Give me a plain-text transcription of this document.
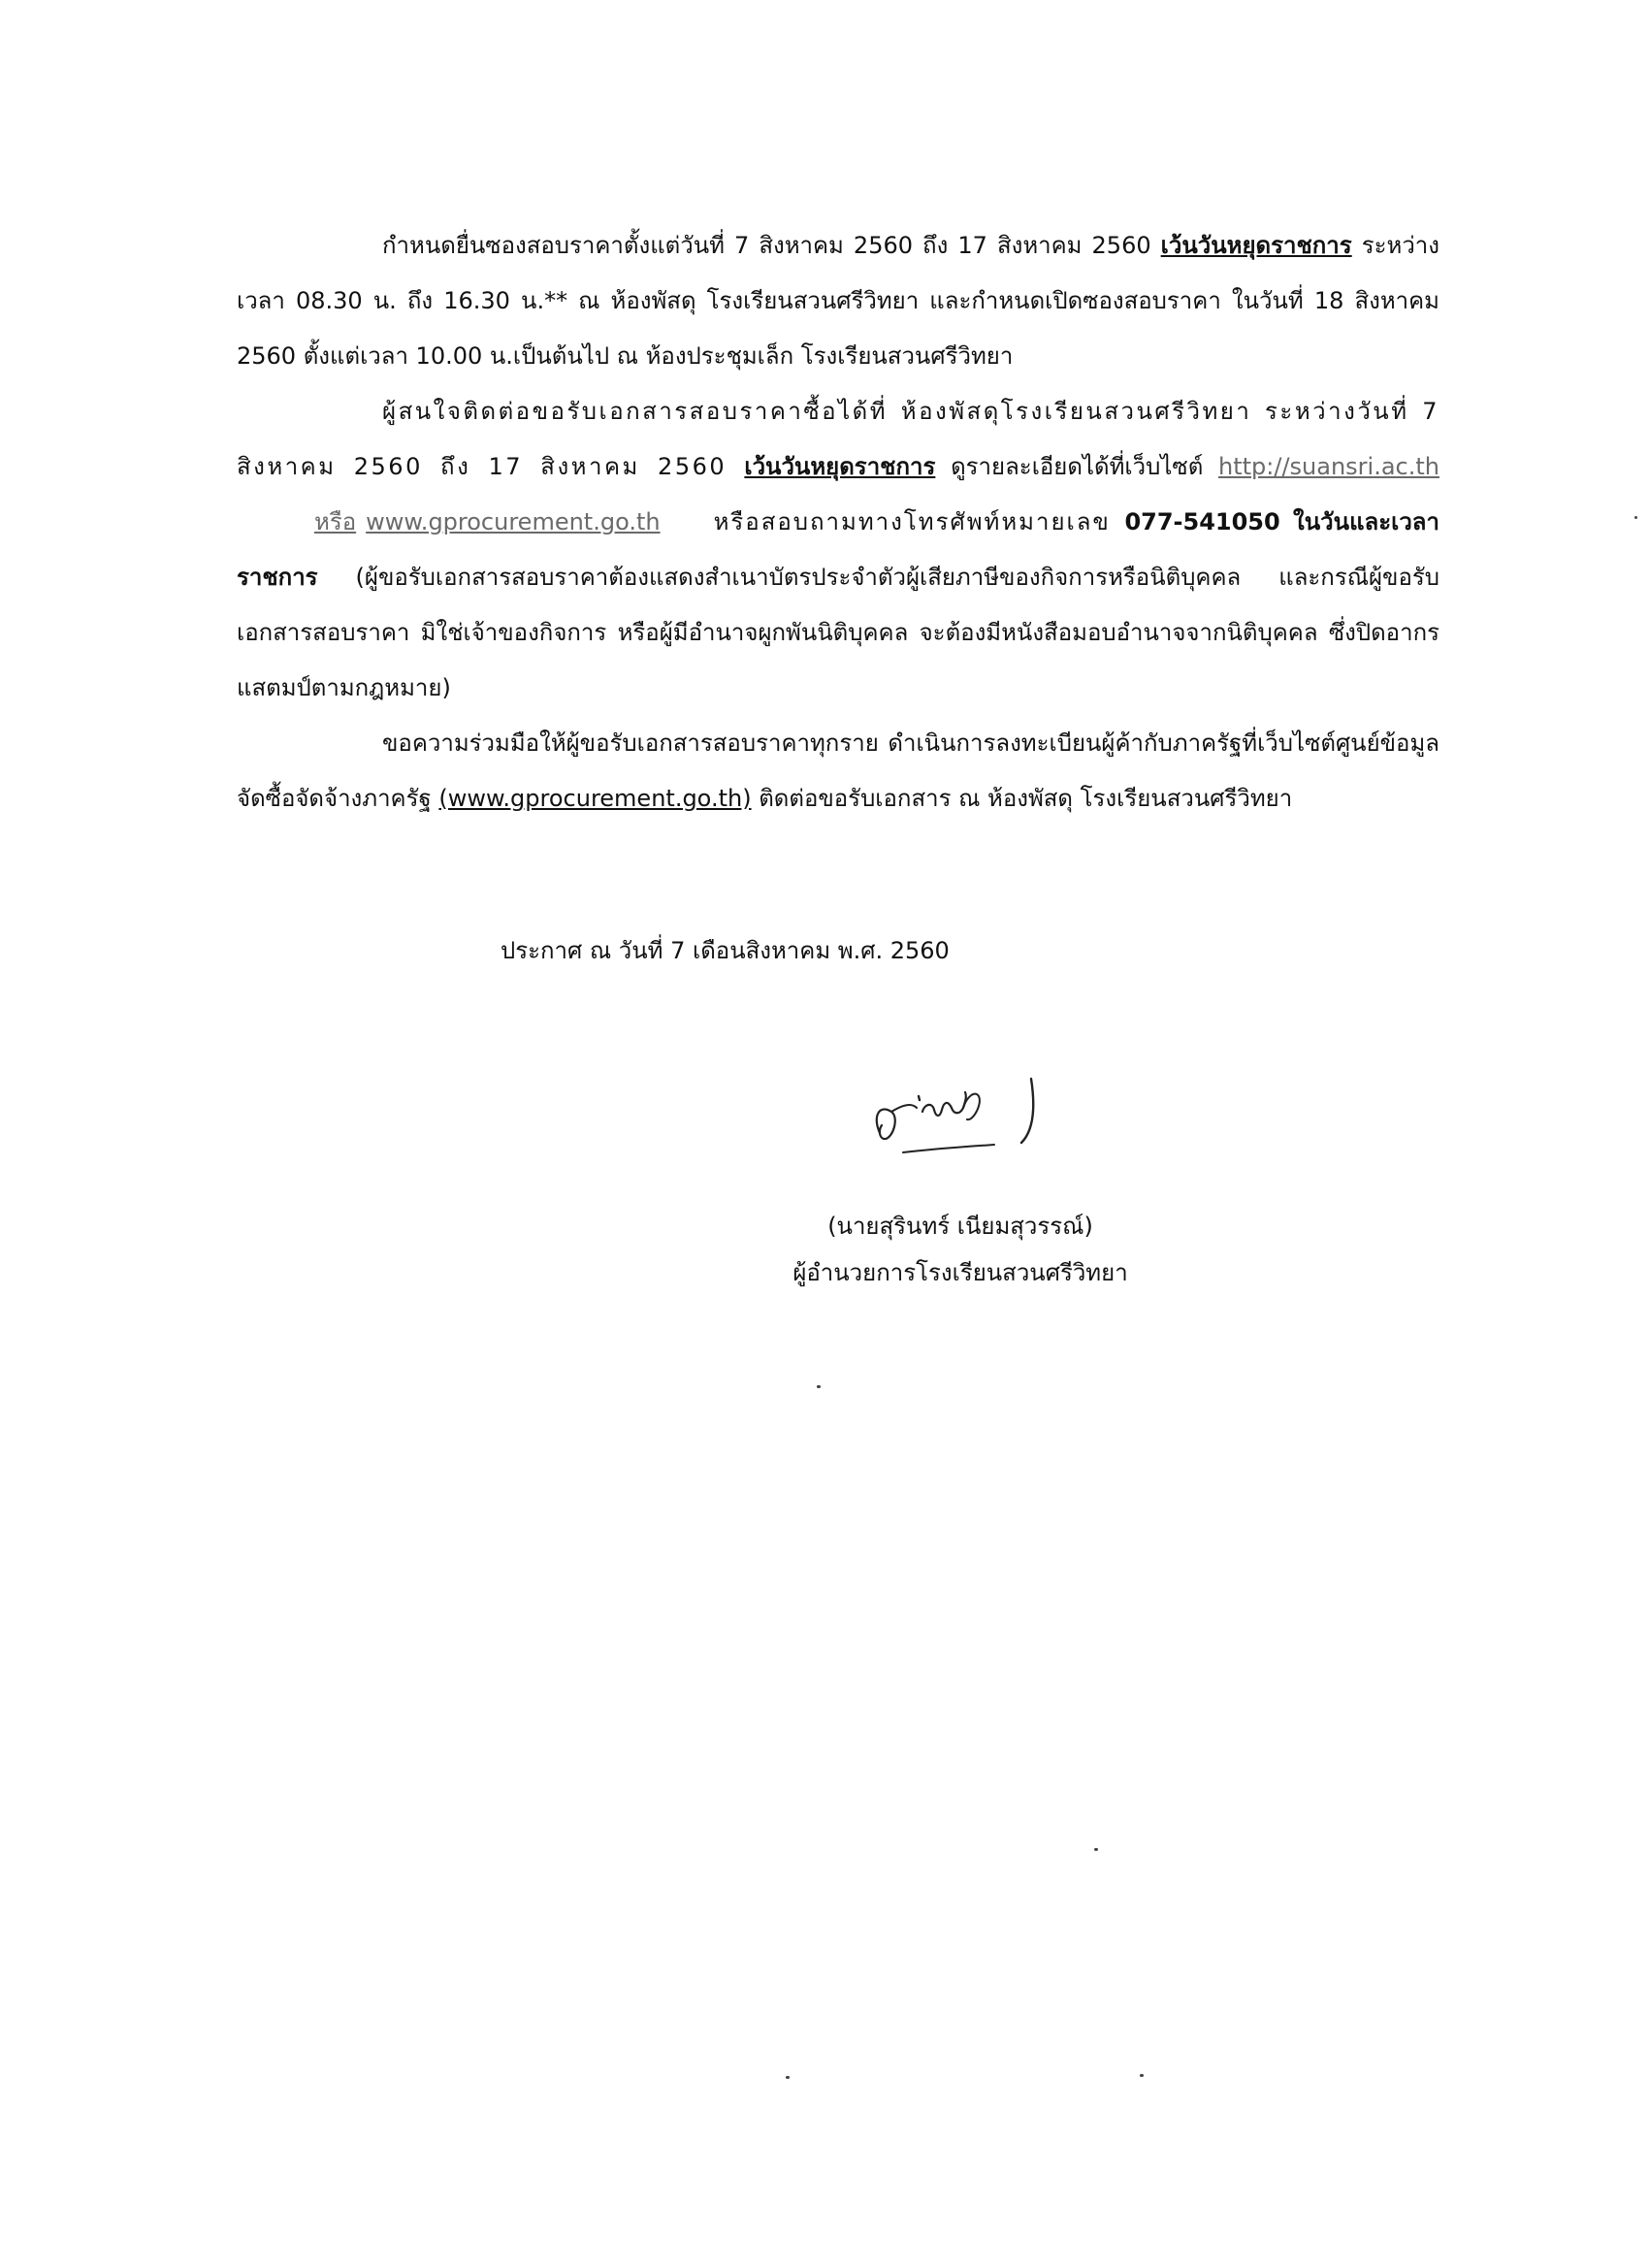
กำหนดยื่นซองสอบราคาตั้งแต่วันที่ 7 สิงหาคม 2560 ถึง 17 สิงหาคม 2560 เว้นวันหยุดราชการ ระหว่างเวลา 08.30 น. ถึง 16.30 น.** ณ ห้องพัสดุ โรงเรียนสวนศรีวิทยา และกำหนดเปิดซองสอบราคา ในวันที่ 18 สิงหาคม 2560 ตั้งแต่เวลา 10.00 น.เป็นต้นไป ณ ห้องประชุมเล็ก โรงเรียนสวนศรีวิทยา

ผู้สนใจติดต่อขอรับเอกสารสอบราคาซื้อได้ที่ ห้องพัสดุโรงเรียนสวนศรีวิทยา ระหว่างวันที่ 7 สิงหาคม 2560 ถึง 17 สิงหาคม 2560 เว้นวันหยุดราชการ ดูรายละเอียดได้ที่เว็บไซต์ http://suansri.ac.thหรือ www.gprocurement.go.th หรือสอบถามทางโทรศัพท์หมายเลข 077-541050 ในวันและเวลาราชการ (ผู้ขอรับเอกสารสอบราคาต้องแสดงสำเนาบัตรประจำตัวผู้เสียภาษีของกิจการหรือนิติบุคคล และกรณีผู้ขอรับเอกสารสอบราคา มิใช่เจ้าของกิจการ หรือผู้มีอำนาจผูกพันนิติบุคคล จะต้องมีหนังสือมอบอำนาจจากนิติบุคคล ซึ่งปิดอากรแสตมป์ตามกฎหมาย)

ขอความร่วมมือให้ผู้ขอรับเอกสารสอบราคาทุกราย ดำเนินการลงทะเบียนผู้ค้ากับภาครัฐที่เว็บไซต์ศูนย์ข้อมูลจัดซื้อจัดจ้างภาครัฐ (www.gprocurement.go.th) ติดต่อขอรับเอกสาร ณ ห้องพัสดุ โรงเรียนสวนศรีวิทยา

ประกาศ ณ วันที่ 7 เดือนสิงหาคม พ.ศ. 2560
(นายสุรินทร์ เนียมสุวรรณ์)
ผู้อำนวยการโรงเรียนสวนศรีวิทยา
